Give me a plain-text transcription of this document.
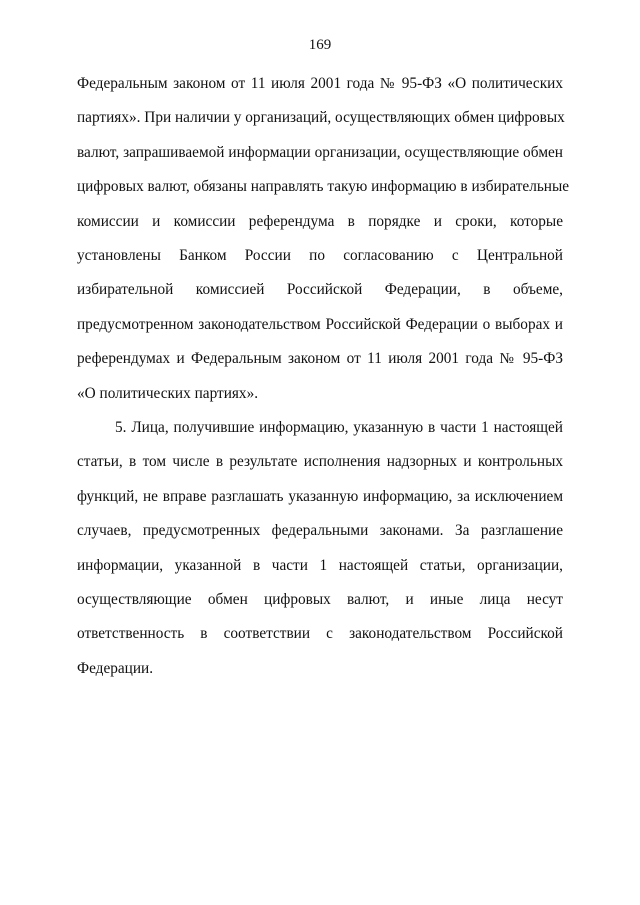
169
Федеральным законом от 11 июля 2001 года № 95-ФЗ «О политических
партиях». При наличии у организаций, осуществляющих обмен цифровых
валют, запрашиваемой информации организации, осуществляющие обмен
цифровых валют, обязаны направлять такую информацию в избирательные
комиссии и комиссии референдума в порядке и сроки, которые
установлены Банком России по согласованию с Центральной
избирательной комиссией Российской Федерации, в объеме,
предусмотренном законодательством Российской Федерации о выборах и
референдумах и Федеральным законом от 11 июля 2001 года № 95-ФЗ
«О политических партиях».
5. Лица, получившие информацию, указанную в части 1 настоящей
статьи, в том числе в результате исполнения надзорных и контрольных
функций, не вправе разглашать указанную информацию, за исключением
случаев, предусмотренных федеральными законами. За разглашение
информации, указанной в части 1 настоящей статьи, организации,
осуществляющие обмен цифровых валют, и иные лица несут
ответственность в соответствии с законодательством Российской
Федерации.
